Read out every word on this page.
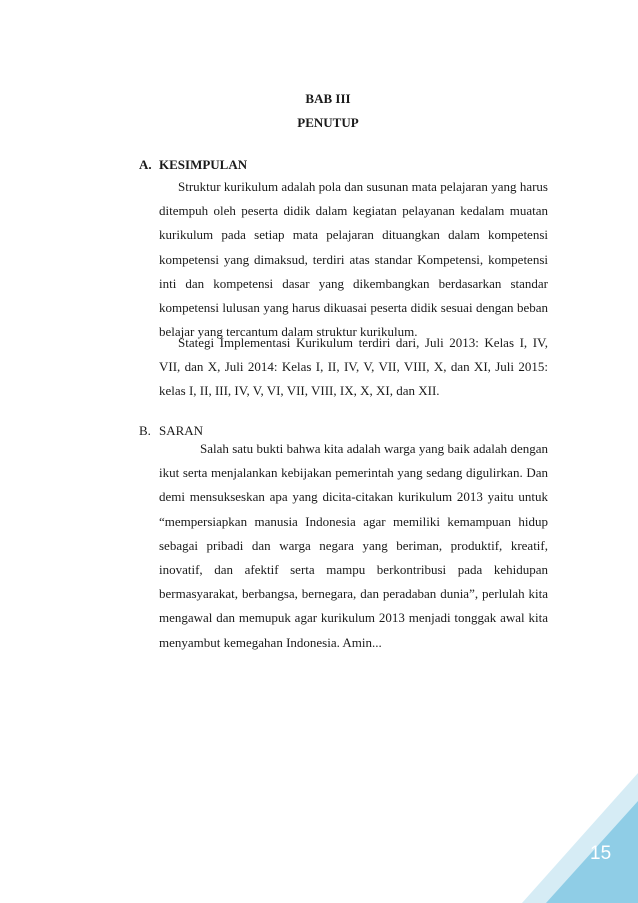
BAB III
PENUTUP
A. KESIMPULAN

Struktur kurikulum adalah pola dan susunan mata pelajaran yang harus ditempuh oleh peserta didik dalam kegiatan pelayanan kedalam muatan kurikulum pada setiap mata pelajaran dituangkan dalam kompetensi kompetensi yang dimaksud, terdiri atas standar Kompetensi, kompetensi inti dan kompetensi dasar yang dikembangkan berdasarkan standar kompetensi lulusan yang harus dikuasai peserta didik sesuai dengan beban belajar yang tercantum dalam struktur kurikulum.

Stategi Implementasi Kurikulum terdiri dari, Juli 2013: Kelas I, IV, VII, dan X, Juli 2014: Kelas I, II, IV, V, VII, VIII, X, dan XI, Juli 2015: kelas I, II, III, IV, V, VI, VII, VIII, IX, X, XI, dan XII.

B. SARAN

Salah satu bukti bahwa kita adalah warga yang baik adalah dengan ikut serta menjalankan kebijakan pemerintah yang sedang digulirkan. Dan demi mensukseskan apa yang dicita-citakan kurikulum 2013 yaitu untuk “mempersiapkan manusia Indonesia agar memiliki kemampuan hidup sebagai pribadi dan warga negara yang beriman, produktif, kreatif, inovatif, dan afektif serta mampu berkontribusi pada kehidupan bermasyarakat, berbangsa, bernegara, dan peradaban dunia”, perlulah kita mengawal dan memupuk agar kurikulum 2013 menjadi tonggak awal kita menyambut kemegahan Indonesia. Amin...

15
